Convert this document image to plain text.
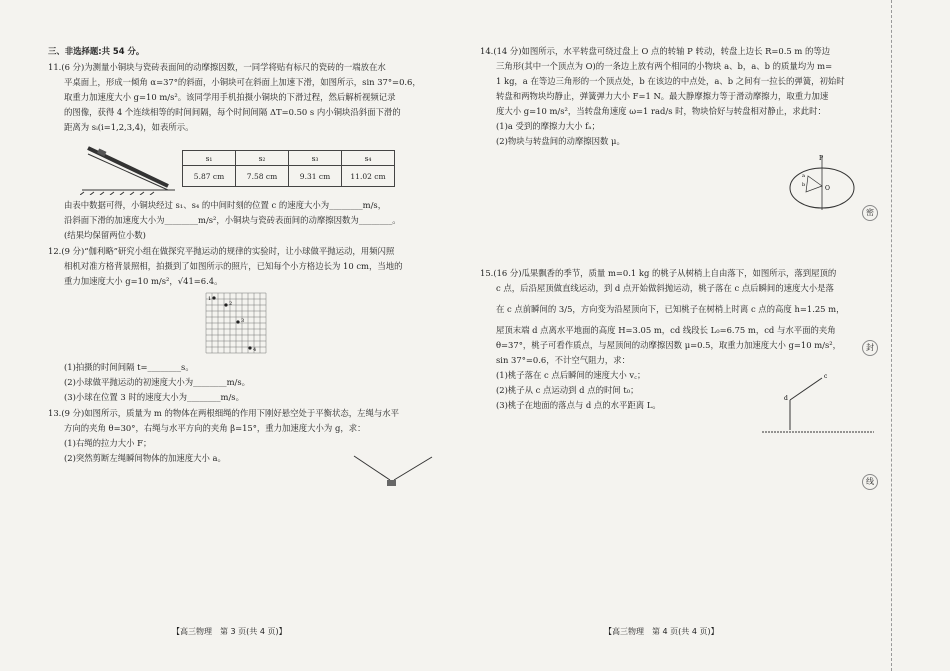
三、非选择题:共 54 分。
11.(6 分)为测量小铜块与瓷砖表面间的动摩擦因数，一同学将贴有标尺的瓷砖的一端放在水
平桌面上，形成一倾角 α=37°的斜面，小铜块可在斜面上加速下滑，如图所示，sin 37°=0.6，
取重力加速度大小 g=10 m/s²。该同学用手机拍摄小铜块的下滑过程，然后解析视频记录
的图像，获得 4 个连续相等的时间间隔，每个时间间隔 ΔT=0.50 s 内小铜块沿斜面下滑的
距离为 sᵢ(i=1,2,3,4)，如表所示。
s₁	s₂	s₃	s₄
5.87 cm	7.58 cm	9.31 cm	11.02 cm
由表中数据可得，小铜块经过 s₁、s₄ 的中间时刻的位置 c 的速度大小为________m/s，
沿斜面下滑的加速度大小为________m/s²，小铜块与瓷砖表面间的动摩擦因数为________。
(结果均保留两位小数)
12.(9 分)“伽利略”研究小组在做探究平抛运动的规律的实验时，让小球做平抛运动，用频闪照
相机对准方格背景照相，拍摄到了如图所示的照片，已知每个小方格边长为 10 cm，当地的
重力加速度大小 g=10 m/s²，√41=6.4。
1
2
3
4
(1)拍摄的时间间隔 t=________s。
(2)小球做平抛运动的初速度大小为________m/s。
(3)小球在位置 3 时的速度大小为________m/s。
13.(9 分)如图所示，质量为 m 的物体在两根细绳的作用下刚好悬空处于平衡状态，左绳与水平
方向的夹角 θ=30°，右绳与水平方向的夹角 β=15°，重力加速度大小为 g，求：
(1)右绳的拉力大小 F；
(2)突然剪断左绳瞬间物体的加速度大小 a。
【高三物理　第 3 页(共 4 页)】
14.(14 分)如图所示，水平转盘可绕过盘上 O 点的转轴 P 转动，转盘上边长 R=0.5 m 的等边
三角形(其中一个顶点为 O)的一条边上放有两个相同的小物块 a、b，a、b 的质量均为 m=
1 kg，a 在等边三角形的一个顶点处，b 在该边的中点处，a、b 之间有一拉长的弹簧，初始时
转盘和两物块均静止，弹簧弹力大小 F=1 N。最大静摩擦力等于滑动摩擦力，取重力加速
度大小 g=10 m/s²，当转盘角速度 ω=1 rad/s 时，物块恰好与转盘相对静止，求此时：
(1)a 受到的摩擦力大小 fₐ；
(2)物块与转盘间的动摩擦因数 μ。
P
O
a
b
15.(16 分)瓜果飘香的季节，质量 m=0.1 kg 的桃子从树梢上自由落下，如图所示，落到屋顶的
c 点，后沿屋顶做直线运动，到 d 点开始做斜抛运动，桃子落在 c 点后瞬间的速度大小是落
在 c 点前瞬间的 3/5，方向变为沿屋顶向下，已知桃子在树梢上时离 c 点的高度 h=1.25 m，
屋顶末端 d 点离水平地面的高度 H=3.05 m，cd 线段长 L₀=6.75 m，cd 与水平面的夹角
θ=37°，桃子可看作质点，与屋顶间的动摩擦因数 μ=0.5，取重力加速度大小 g=10 m/s²，
sin 37°=0.6，不计空气阻力，求：
(1)桃子落在 c 点后瞬间的速度大小 v꜀；
(2)桃子从 c 点运动到 d 点的时间 t₀；
(3)桃子在地面的落点与 d 点的水平距离 L。
c
d
【高三物理　第 4 页(共 4 页)】
密
封
线
